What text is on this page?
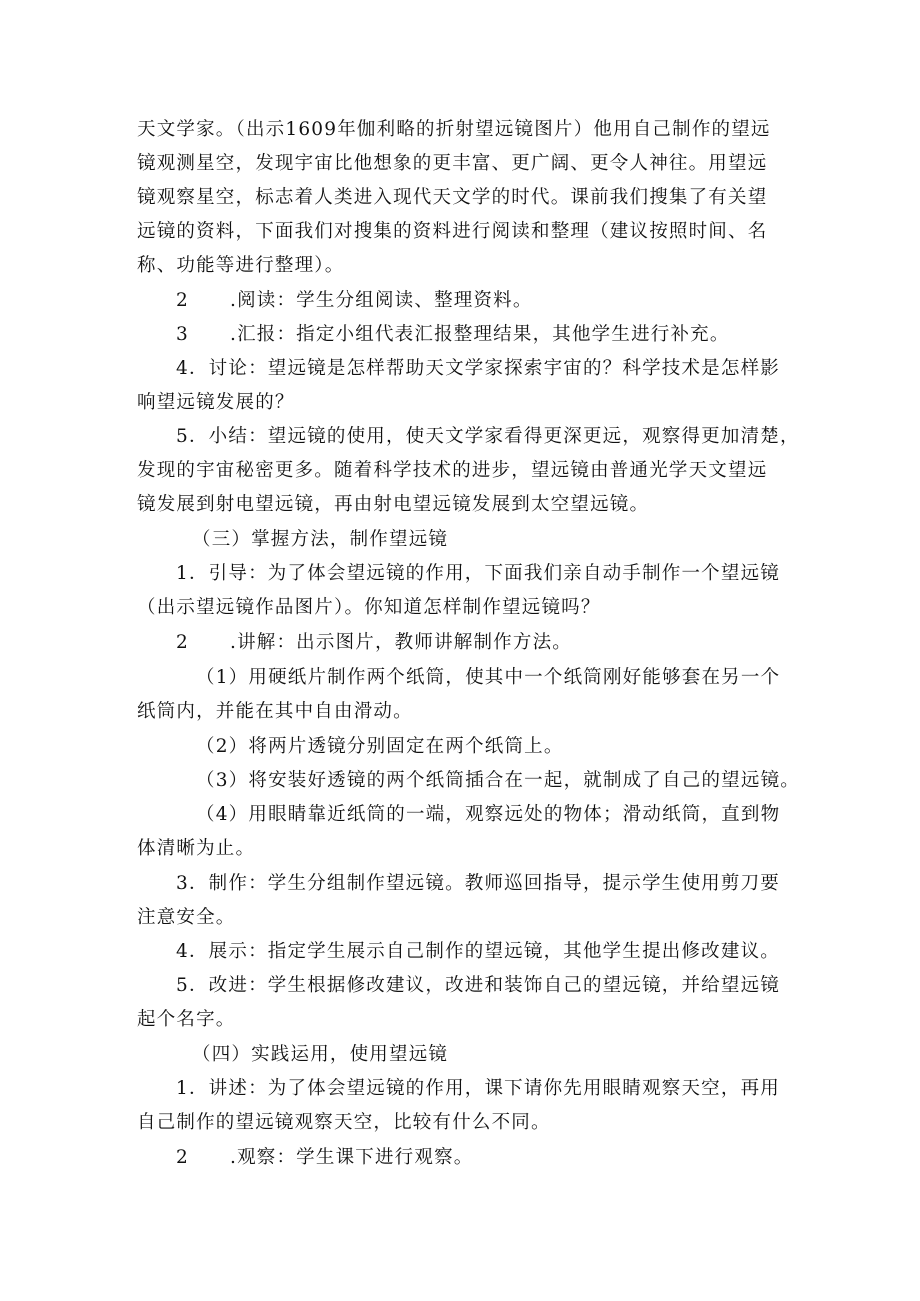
天文学家。（出示1609年伽利略的折射望远镜图片）他用自己制作的望远
镜观测星空，发现宇宙比他想象的更丰富、更广阔、更令人神往。用望远
镜观察星空，标志着人类进入现代天文学的时代。课前我们搜集了有关望
远镜的资料，下面我们对搜集的资料进行阅读和整理（建议按照时间、名
称、功能等进行整理）。
2 .阅读：学生分组阅读、整理资料。
3 .汇报：指定小组代表汇报整理结果，其他学生进行补充。
4．讨论：望远镜是怎样帮助天文学家探索宇宙的？科学技术是怎样影
响望远镜发展的？
5．小结：望远镜的使用，使天文学家看得更深更远，观察得更加清楚，
发现的宇宙秘密更多。随着科学技术的进步，望远镜由普通光学天文望远
镜发展到射电望远镜，再由射电望远镜发展到太空望远镜。
（三）掌握方法，制作望远镜
1．引导：为了体会望远镜的作用，下面我们亲自动手制作一个望远镜
（出示望远镜作品图片）。你知道怎样制作望远镜吗？
2 .讲解：出示图片，教师讲解制作方法。
（1）用硬纸片制作两个纸筒，使其中一个纸筒刚好能够套在另一个
纸筒内，并能在其中自由滑动。
（2）将两片透镜分别固定在两个纸筒上。
（3）将安装好透镜的两个纸筒插合在一起，就制成了自己的望远镜。
（4）用眼睛靠近纸筒的一端，观察远处的物体；滑动纸筒，直到物
体清晰为止。
3．制作：学生分组制作望远镜。教师巡回指导，提示学生使用剪刀要
注意安全。
4．展示：指定学生展示自己制作的望远镜，其他学生提出修改建议。
5．改进：学生根据修改建议，改进和装饰自己的望远镜，并给望远镜
起个名字。
（四）实践运用，使用望远镜
1．讲述：为了体会望远镜的作用，课下请你先用眼睛观察天空，再用
自己制作的望远镜观察天空，比较有什么不同。
2 .观察：学生课下进行观察。
